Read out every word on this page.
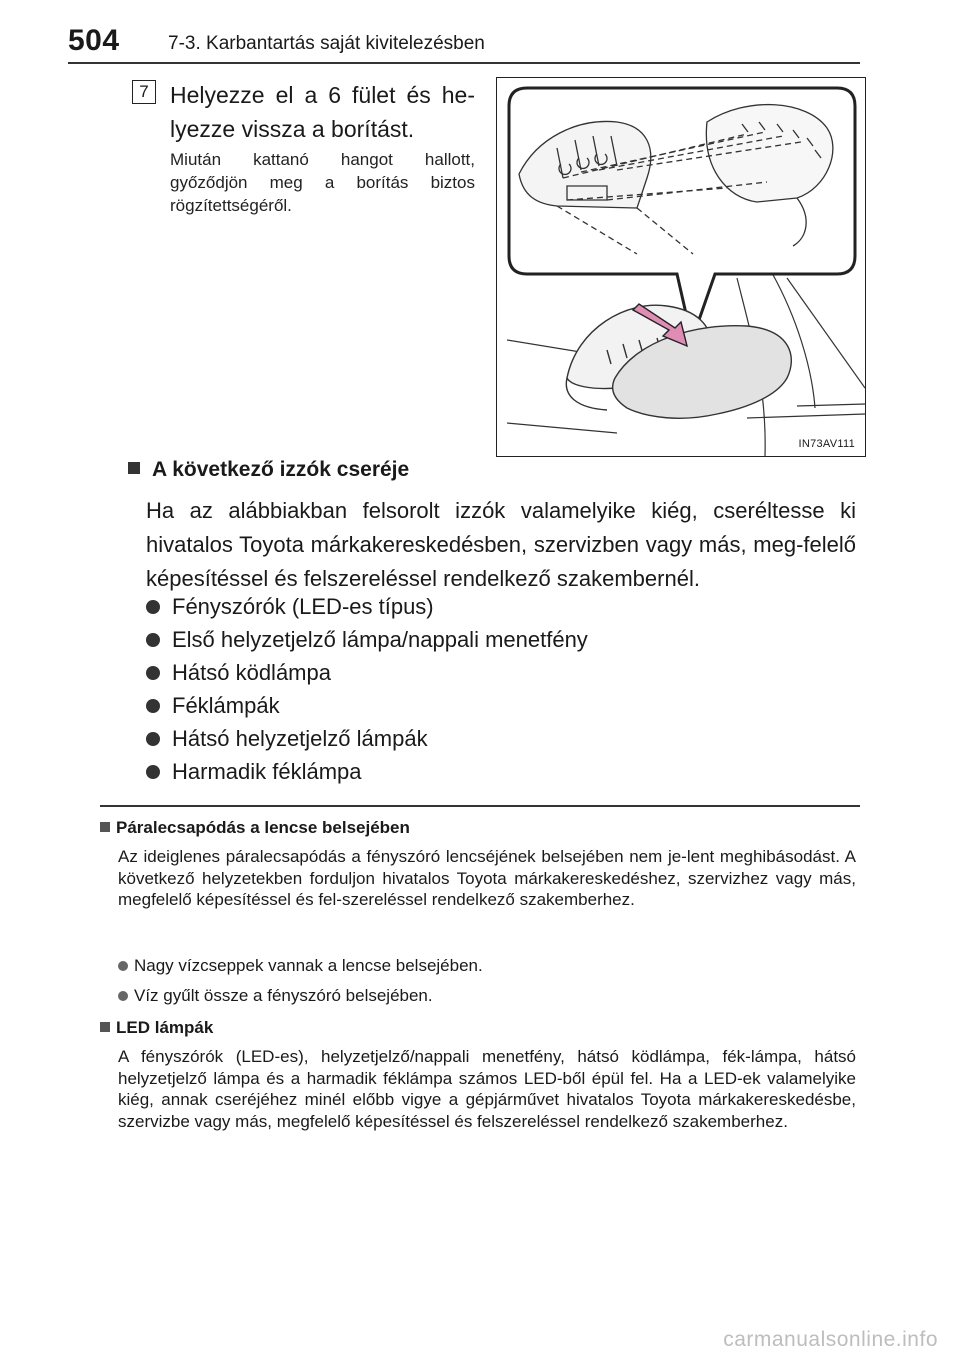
504	7-3. Karbantartás saját kivitelezésben
7 Helyezze el a 6 fület és he-lyezze vissza a borítást.
Miután kattanó hangot hallott, győződjön meg a borítás biztos rögzítettségéről.
IN73AV111
A következő izzók cseréje
Ha az alábbiakban felsorolt izzók valamelyike kiég, cseréltesse ki hivatalos Toyota márkakereskedésben, szervizben vagy más, meg-felelő képesítéssel és felszereléssel rendelkező szakembernél.
Fényszórók (LED-es típus)
Első helyzetjelző lámpa/nappali menetfény
Hátsó ködlámpa
Féklámpák
Hátsó helyzetjelző lámpák
Harmadik féklámpa
Páralecsapódás a lencse belsejében
Az ideiglenes páralecsapódás a fényszóró lencséjének belsejében nem je-lent meghibásodást. A következő helyzetekben forduljon hivatalos Toyota márkakereskedéshez, szervizhez vagy más, megfelelő képesítéssel és fel-szereléssel rendelkező szakemberhez.
Nagy vízcseppek vannak a lencse belsejében.
Víz gyűlt össze a fényszóró belsejében.
LED lámpák
A fényszórók (LED-es), helyzetjelző/nappali menetfény, hátsó ködlámpa, fék-lámpa, hátsó helyzetjelző lámpa és a harmadik féklámpa számos LED-ből épül fel. Ha a LED-ek valamelyike kiég, annak cseréjéhez minél előbb vigye a gépjárművet hivatalos Toyota márkakereskedésbe, szervizbe vagy más, megfelelő képesítéssel és felszereléssel rendelkező szakemberhez.
carmanualsonline.info
